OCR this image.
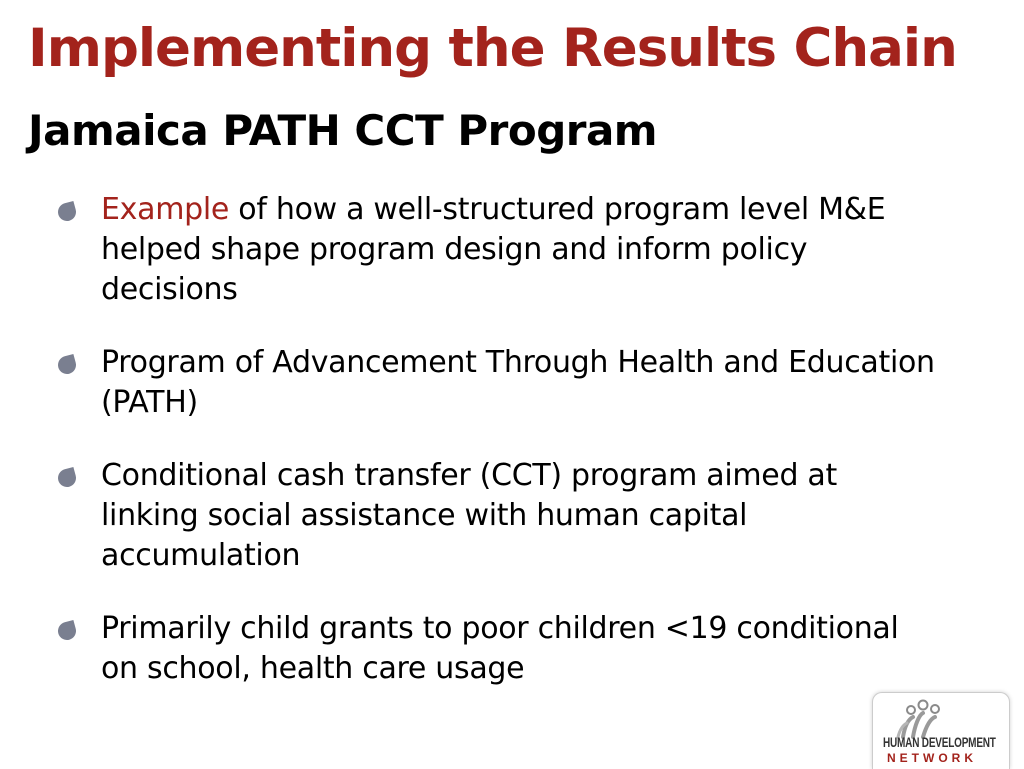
Implementing the Results Chain
Jamaica PATH CCT Program
Example of how a well-structured program level M&E helped shape program design and inform policy decisions
Program of Advancement Through Health and Education (PATH)
Conditional cash transfer (CCT) program aimed at linking social assistance with human capital accumulation
Primarily child grants to poor children <19 conditional on school, health care usage
HUMAN DEVELOPMENT
NETWORK
